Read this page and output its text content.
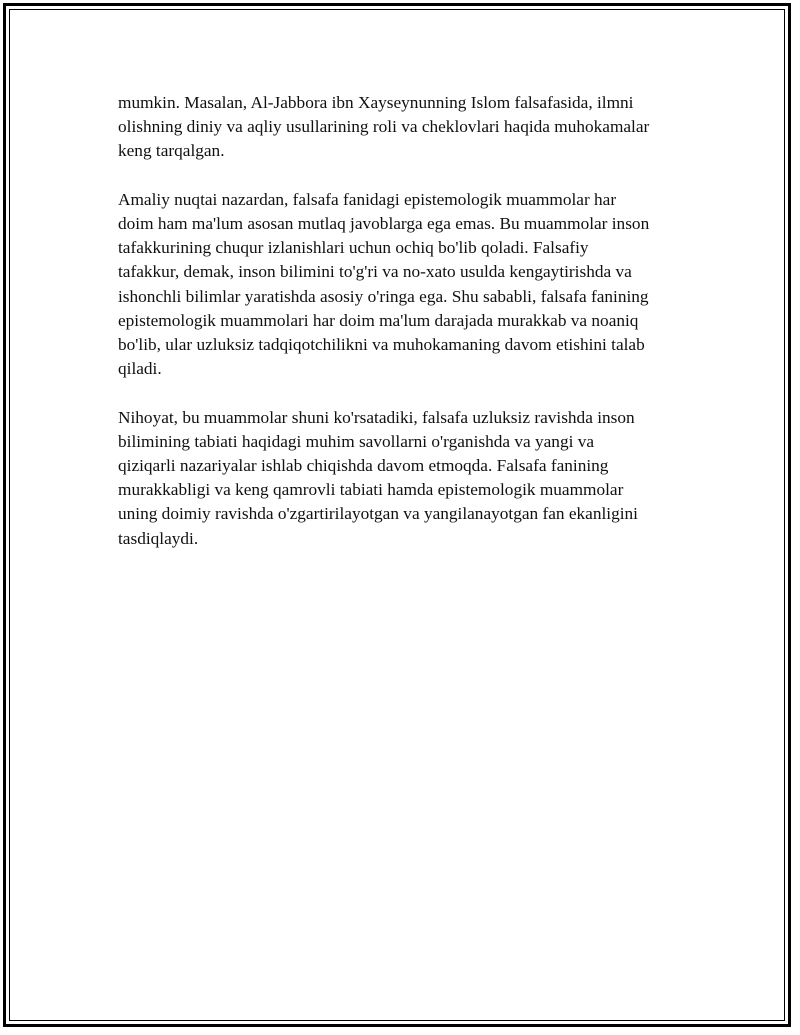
mumkin. Masalan, Al-Jabbora ibn Xayseynunning Islom falsafasida, ilmni
olishning diniy va aqliy usullarining roli va cheklovlari haqida muhokamalar
keng tarqalgan.

Amaliy nuqtai nazardan, falsafa fanidagi epistemologik muammolar har
doim ham ma'lum asosan mutlaq javoblarga ega emas. Bu muammolar inson
tafakkurining chuqur izlanishlari uchun ochiq bo'lib qoladi. Falsafiy
tafakkur, demak, inson bilimini to'g'ri va no-xato usulda kengaytirishda va
ishonchli bilimlar yaratishda asosiy o'ringa ega. Shu sababli, falsafa fanining
epistemologik muammolari har doim ma'lum darajada murakkab va noaniq
bo'lib, ular uzluksiz tadqiqotchilikni va muhokamaning davom etishini talab
qiladi.

Nihoyat, bu muammolar shuni ko'rsatadiki, falsafa uzluksiz ravishda inson
bilimining tabiati haqidagi muhim savollarni o'rganishda va yangi va
qiziqarli nazariyalar ishlab chiqishda davom etmoqda. Falsafa fanining
murakkabligi va keng qamrovli tabiati hamda epistemologik muammolar
uning doimiy ravishda o'zgartirilayotgan va yangilanayotgan fan ekanligini
tasdiqlaydi.
